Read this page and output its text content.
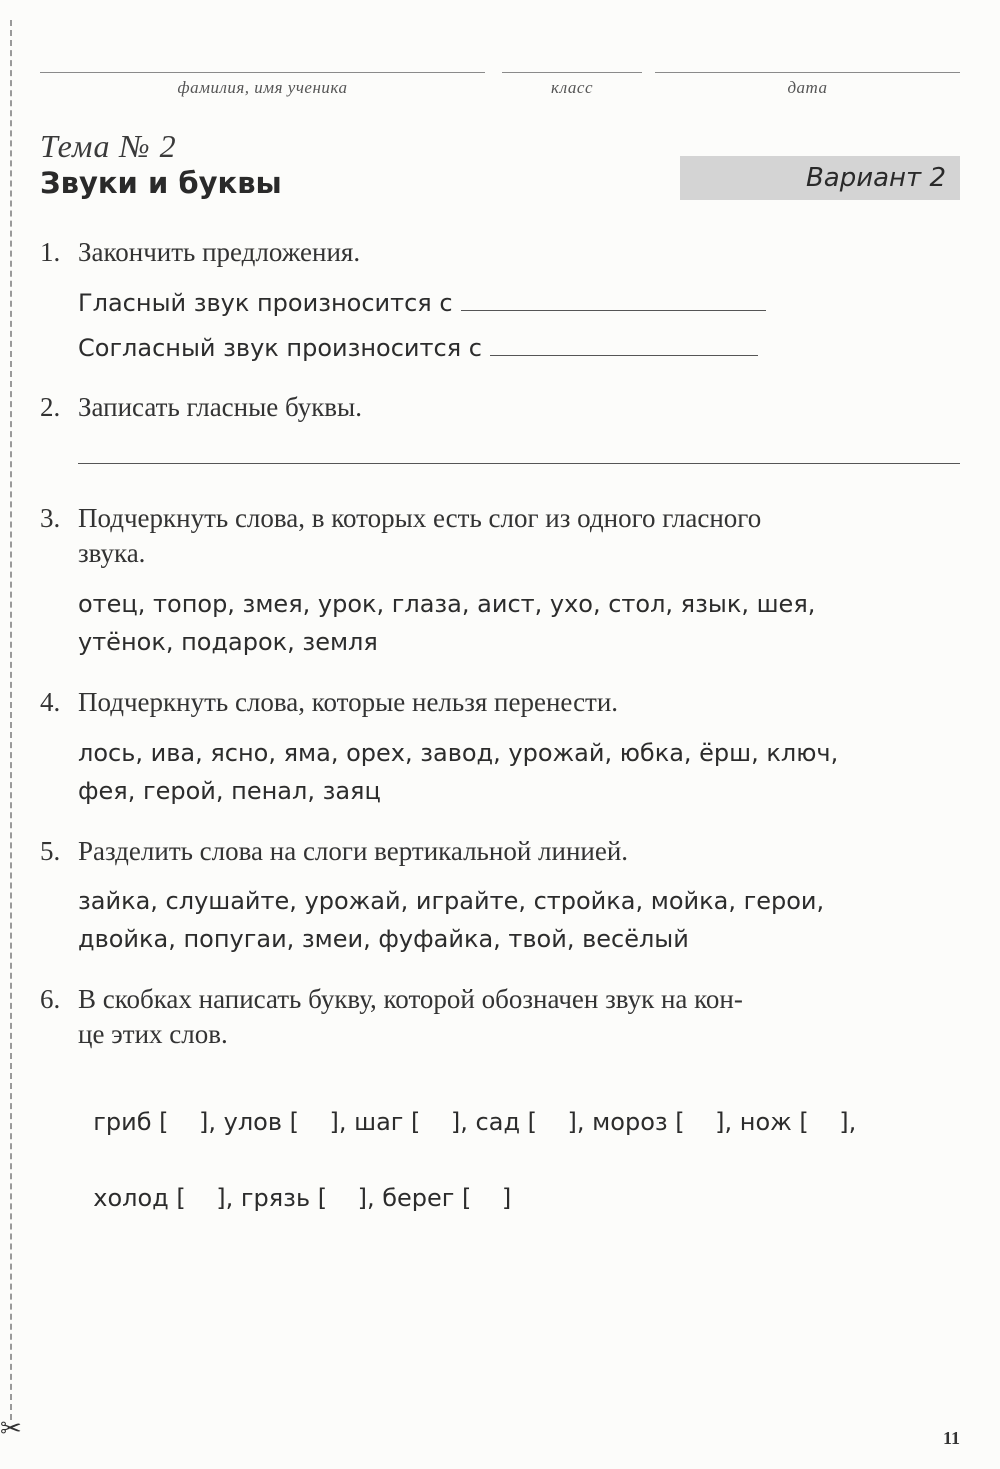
✂
фамилия, имя ученика	класс	дата
Тема № 2
Звуки и буквы	Вариант 2
1. Закончить предложения.
Гласный звук произносится с
Согласный звук произносится с
2. Записать гласные буквы.
3. Подчеркнуть слова, в которых есть слог из одного гласного
звука.
отец, топор, змея, урок, глаза, аист, ухо, стол, язык, шея,
утёнок, подарок, земля
4. Подчеркнуть слова, которые нельзя перенести.
лось, ива, ясно, яма, орех, завод, урожай, юбка, ёрш, ключ,
фея, герой, пенал, заяц
5. Разделить слова на слоги вертикальной линией.
зайка, слушайте, урожай, играйте, стройка, мойка, герои,
двойка, попугаи, змеи, фуфайка, твой, весёлый
6. В скобках написать букву, которой обозначен звук на кон-
це этих слов.

гриб [    ], улов [    ], шаг [    ], сад [    ], мороз [    ], нож [    ],

холод [    ], грязь [    ], берег [    ]

11
